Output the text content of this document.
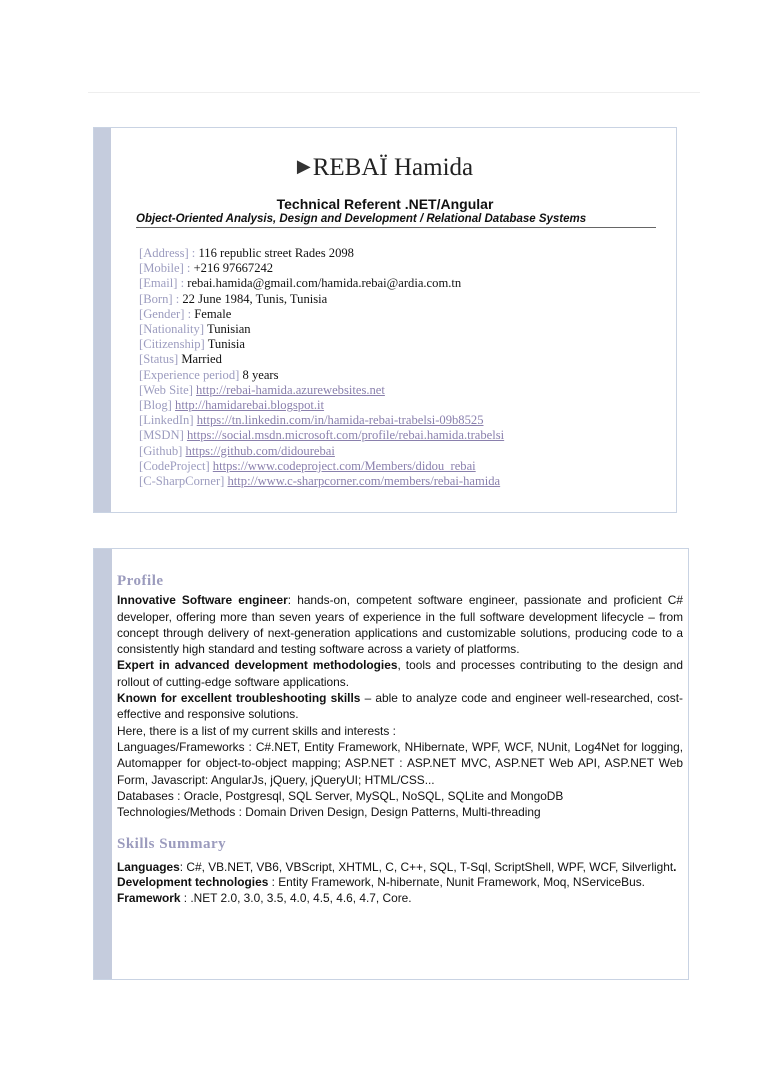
▶REBAÏ Hamida
Technical Referent .NET/Angular
Object-Oriented Analysis, Design and Development / Relational Database Systems
[Address] : 116 republic street Rades 2098
[Mobile] : +216 97667242
[Email] : rebai.hamida@gmail.com/hamida.rebai@ardia.com.tn
[Born] : 22 June 1984, Tunis, Tunisia
[Gender] : Female
[Nationality] Tunisian
[Citizenship] Tunisia
[Status] Married
[Experience period] 8 years
[Web Site] http://rebai-hamida.azurewebsites.net
[Blog] http://hamidarebai.blogspot.it
[LinkedIn] https://tn.linkedin.com/in/hamida-rebai-trabelsi-09b8525
[MSDN] https://social.msdn.microsoft.com/profile/rebai.hamida.trabelsi
[Github] https://github.com/didourebai
[CodeProject] https://www.codeproject.com/Members/didou_rebai
[C-SharpCorner] http://www.c-sharpcorner.com/members/rebai-hamida
Profile

Innovative Software engineer: hands-on, competent software engineer, passionate and proficient C# developer, offering more than seven years of experience in the full software development lifecycle – from concept through delivery of next-generation applications and customizable solutions, producing code to a consistently high standard and testing software across a variety of platforms.

Expert in advanced development methodologies, tools and processes contributing to the design and rollout of cutting-edge software applications.

Known for excellent troubleshooting skills – able to analyze code and engineer well-researched, cost-effective and responsive solutions.

Here, there is a list of my current skills and interests :

Languages/Frameworks : C#.NET, Entity Framework, NHibernate, WPF, WCF, NUnit, Log4Net for logging, Automapper for object-to-object mapping; ASP.NET : ASP.NET MVC, ASP.NET Web API, ASP.NET Web Form, Javascript: AngularJs, jQuery, jQueryUI; HTML/CSS...

Databases : Oracle, Postgresql, SQL Server, MySQL, NoSQL, SQLite and MongoDB

Technologies/Methods : Domain Driven Design, Design Patterns, Multi-threading

Skills Summary

Languages: C#, VB.NET, VB6, VBScript, XHTML, C, C++, SQL, T-Sql, ScriptShell, WPF, WCF, Silverlight.

Development technologies : Entity Framework, N-hibernate, Nunit Framework, Moq, NServiceBus.

Framework : .NET 2.0, 3.0, 3.5, 4.0, 4.5, 4.6, 4.7, Core.
